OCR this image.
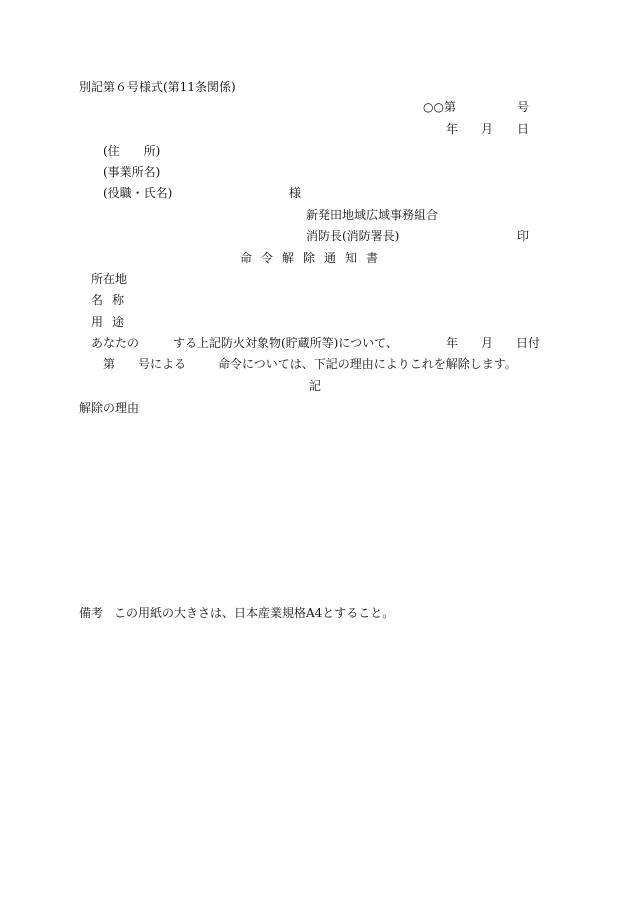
別記第６号様式(第11条関係)
○○第	号
年 月 日
(住　　所)
(事業所名)
(役職・氏名)	様
新発田地域広域事務組合
消防長(消防署長)	印
命令解除通知書
所在地
名称
用途
あなたの	する上記防火対象物(貯蔵所等)について、	年 月 日付
第 号による	命令については、下記の理由によりこれを解除します。
記
解除の理由
備考 この用紙の大きさは、日本産業規格A4とすること。
